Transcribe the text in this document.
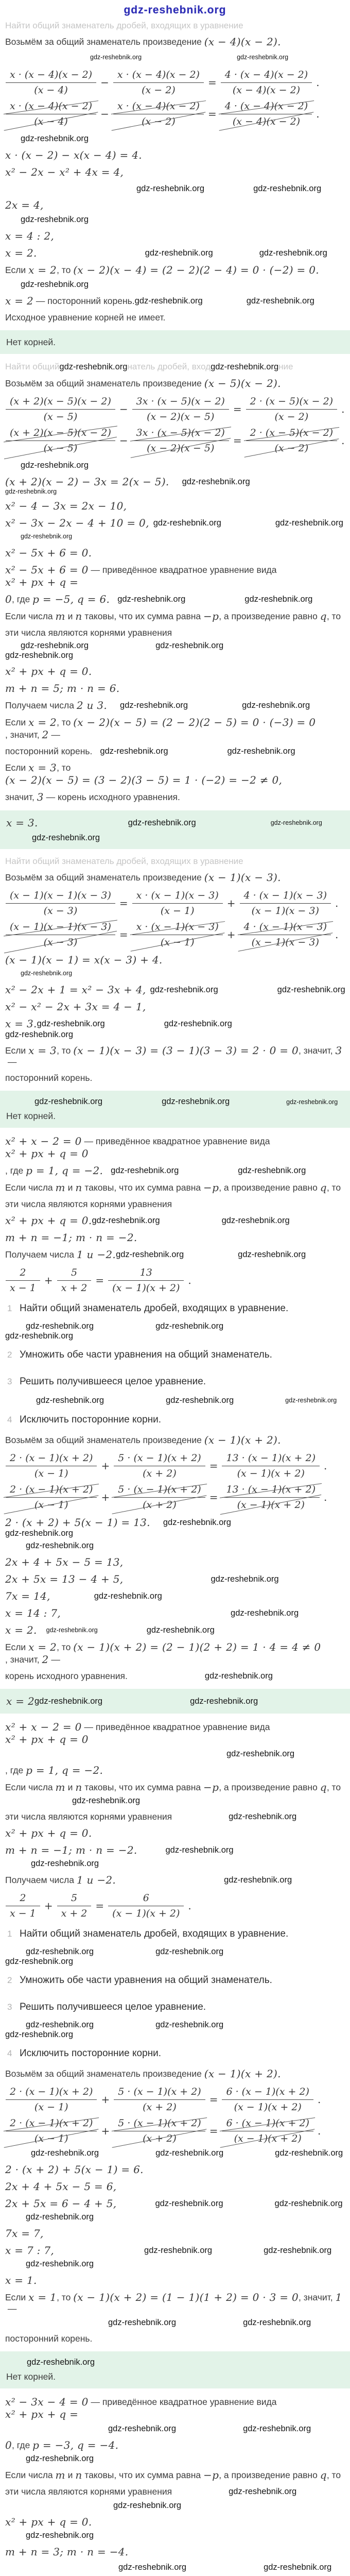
gdz-reshebnik.org
Найти общий знаменатель дробей, входящих в уравнение
Возьмём за общий знаменатель произведение (x − 4)(x − 2).
gdz-reshebnik.org	gdz-reshebnik.org
$\frac{x \cdot (x - 4)(x - 2)}{(x - 4)} - \frac{x \cdot (x - 4)(x - 2)}{(x - 2)} = \frac{4 \cdot (x - 4)(x - 2)}{(x - 4)(x - 2)}$ .
$\frac{x \cdot (x - 4)(x - 2)}{(x - 4)} - \frac{x \cdot (x - 4)(x - 2)}{(x - 2)} = \frac{4 \cdot (x - 4)(x - 2)}{(x - 4)(x - 2)}$ .
gdz-reshebnik.org
x · (x − 2) − x(x − 4) = 4.
x² − 2x − x² + 4x = 4,
gdz-reshebnik.org	gdz-reshebnik.org
2x = 4,
gdz-reshebnik.org
x = 4 : 2,
x = 2.	gdz-reshebnik.org	gdz-reshebnik.org
Если x = 2 , то (x − 2)(x − 4) = (2 − 2)(2 − 4) = 0 · (−2) = 0.
gdz-reshebnik.org
x = 2 — посторонний корень. gdz-reshebnik.org	gdz-reshebnik.org
Исходное уравнение корней не имеет.
Нет корней.
Найти общий gdz-reshebnik.org натель дробей, вход gdz-reshebnik.org ние
Возьмём за общий знаменатель произведение (x − 5)(x − 2).
$\frac{(x + 2)(x - 5)(x - 2)}{(x - 5)} - \frac{3x \cdot (x - 5)(x - 2)}{(x - 2)(x - 5)} = \frac{2 \cdot (x - 5)(x - 2)}{(x - 2)}$ .
$\frac{(x + 2)(x - 5)(x - 2)}{(x - 5)} - \frac{3x \cdot (x - 5)(x - 2)}{(x - 2)(x - 5)} = \frac{2 \cdot (x - 5)(x - 2)}{(x - 2)}$ .
gdz-reshebnik.org
(x + 2)(x − 2) − 3x = 2(x − 5). gdz-reshebnik.org
gdz-reshebnik.org
x² − 4 − 3x = 2x − 10,
x² − 3x − 2x − 4 + 10 = 0, gdz-reshebnik.org	gdz-reshebnik.org
gdz-reshebnik.org
x² − 5x + 6 = 0.
x² − 5x + 6 = 0 — приведённое квадратное уравнение вида
x² + px + q =
0 , где p = −5, q = 6. gdz-reshebnik.org	gdz-reshebnik.org
Если числа m и n таковы, что их сумма равна −p , а произведение равно q , то
эти числа являются корнями уравнения
gdz-reshebnik.org	gdz-reshebnik.org
gdz-reshebnik.org
x² + px + q = 0.
m + n = 5; m · n = 6.
Получаем числа 2 и 3. gdz-reshebnik.org	gdz-reshebnik.org
Если x = 2 , то (x − 2)(x − 5) = (2 − 2)(2 − 5) = 0 · (−3) = 0
, значит, 2 —
посторонний корень. gdz-reshebnik.org	gdz-reshebnik.org
Если x = 3 , то
(x − 2)(x − 5) = (3 − 2)(3 − 5) = 1 · (−2) = −2 ≠ 0,
значит, 3 — корень исходного уравнения.
x = 3.	gdz-reshebnik.org	gdz-reshebnik.org
gdz-reshebnik.org
Найти общий знаменатель дробей, входящих в уравнение
Возьмём за общий знаменатель произведение (x − 1)(x − 3).
$\frac{(x - 1)(x - 1)(x - 3)}{(x - 3)} = \frac{x \cdot (x - 1)(x - 3)}{(x - 1)} + \frac{4 \cdot (x - 1)(x - 3)}{(x - 1)(x - 3)}$ .
$\frac{(x - 1)(x - 1)(x - 3)}{(x - 3)} = \frac{x \cdot (x - 1)(x - 3)}{(x - 1)} + \frac{4 \cdot (x - 1)(x - 3)}{(x - 1)(x - 3)}$ .
(x − 1)(x − 1) = x(x − 3) + 4.
gdz-reshebnik.org
x² − 2x + 1 = x² − 3x + 4, gdz-reshebnik.org	gdz-reshebnik.org
x² − x² − 2x + 3x = 4 − 1,
x = 3. gdz-reshebnik.org	gdz-reshebnik.org
gdz-reshebnik.org
Если x = 3 , то (x − 1)(x − 3) = (3 − 1)(3 − 3) = 2 · 0 = 0 , значит, 3
—
посторонний корень.
gdz-reshebnik.org	gdz-reshebnik.org	gdz-reshebnik.org
Нет корней.
x² + x − 2 = 0 — приведённое квадратное уравнение вида
x² + px + q = 0
, где p = 1, q = −2. gdz-reshebnik.org	gdz-reshebnik.org
Если числа m и n таковы, что их сумма равна −p , а произведение равно q , то
эти числа являются корнями уравнения
x² + px + q = 0. gdz-reshebnik.org	gdz-reshebnik.org
m + n = −1; m · n = −2.
Получаем числа 1 и −2. gdz-reshebnik.org	gdz-reshebnik.org
$\frac{2}{x - 1} + \frac{5}{x + 2} = \frac{13}{(x - 1)(x + 2)}$ .
1 Найти общий знаменатель дробей, входящих в уравнение.
gdz-reshebnik.org	gdz-reshebnik.org
gdz-reshebnik.org
2 Умножить обе части уравнения на общий знаменатель.
3 Решить получившееся целое уравнение.
gdz-reshebnik.org	gdz-reshebnik.org	gdz-reshebnik.org
4 Исключить посторонние корни.
Возьмём за общий знаменатель произведение (x − 1)(x + 2).
$\frac{2 \cdot (x - 1)(x + 2)}{(x - 1)} + \frac{5 \cdot (x - 1)(x + 2)}{(x + 2)} = \frac{13 \cdot (x - 1)(x + 2)}{(x - 1)(x + 2)}$ .
$\frac{2 \cdot (x - 1)(x + 2)}{(x - 1)} + \frac{5 \cdot (x - 1)(x + 2)}{(x + 2)} = \frac{13 \cdot (x - 1)(x + 2)}{(x - 1)(x + 2)}$ .
2 · (x + 2) + 5(x − 1) = 13. gdz-reshebnik.org
gdz-reshebnik.org
gdz-reshebnik.org
2x + 4 + 5x − 5 = 13,
2x + 5x = 13 − 4 + 5,	gdz-reshebnik.org
7x = 14,	gdz-reshebnik.org
x = 14 : 7,	gdz-reshebnik.org
x = 2. gdz-reshebnik.org	gdz-reshebnik.org
Если x = 2 , то (x − 1)(x + 2) = (2 − 1)(2 + 2) = 1 · 4 = 4 ≠ 0
, значит, 2 —
корень исходного уравнения.	gdz-reshebnik.org
x = 2 gdz-reshebnik.org	gdz-reshebnik.org
x² + x − 2 = 0 — приведённое квадратное уравнение вида
x² + px + q = 0
gdz-reshebnik.org
, где p = 1, q = −2.
Если числа m и n таковы, что их сумма равна −p , а произведение равно q , то
gdz-reshebnik.org
эти числа являются корнями уравнения	gdz-reshebnik.org
x² + px + q = 0.
m + n = −1; m · n = −2.	gdz-reshebnik.org
gdz-reshebnik.org
Получаем числа 1 и −2.	gdz-reshebnik.org
$\frac{2}{x - 1} + \frac{5}{x + 2} = \frac{6}{(x - 1)(x + 2)}$ .
1 Найти общий знаменатель дробей, входящих в уравнение.
gdz-reshebnik.org	gdz-reshebnik.org
gdz-reshebnik.org
2 Умножить обе части уравнения на общий знаменатель.
3 Решить получившееся целое уравнение.
gdz-reshebnik.org	gdz-reshebnik.org
gdz-reshebnik.org
4 Исключить посторонние корни.
Возьмём за общий знаменатель произведение (x − 1)(x + 2).
$\frac{2 \cdot (x - 1)(x + 2)}{(x - 1)} + \frac{5 \cdot (x - 1)(x + 2)}{(x + 2)} = \frac{6 \cdot (x - 1)(x + 2)}{(x - 1)(x + 2)}$ .
$\frac{2 \cdot (x - 1)(x + 2)}{(x - 1)} + \frac{5 \cdot (x - 1)(x + 2)}{(x + 2)} = \frac{6 \cdot (x - 1)(x + 2)}{(x - 1)(x + 2)}$ .
gdz-reshebnik.org	gdz-reshebnik.org	gdz-reshebnik.org
2 · (x + 2) + 5(x − 1) = 6.
2x + 4 + 5x − 5 = 6,
2x + 5x = 6 − 4 + 5,	gdz-reshebnik.org	gdz-reshebnik.org
gdz-reshebnik.org
7x = 7,
x = 7 : 7,	gdz-reshebnik.org	gdz-reshebnik.org
gdz-reshebnik.org
x = 1.
Если x = 1 , то (x − 1)(x + 2) = (1 − 1)(1 + 2) = 0 · 3 = 0 , значит, 1
—
gdz-reshebnik.org	gdz-reshebnik.org
посторонний корень.
gdz-reshebnik.org
Нет корней.
x² − 3x − 4 = 0 — приведённое квадратное уравнение вида
x² + px + q =
gdz-reshebnik.org	gdz-reshebnik.org
0 , где p = −3, q = −4.
gdz-reshebnik.org
Если числа m и n таковы, что их сумма равна −p , а произведение равно q , то
эти числа являются корнями уравнения	gdz-reshebnik.org
gdz-reshebnik.org
x² + px + q = 0.
gdz-reshebnik.org
m + n = 3; m · n = −4.
gdz-reshebnik.org	gdz-reshebnik.org
